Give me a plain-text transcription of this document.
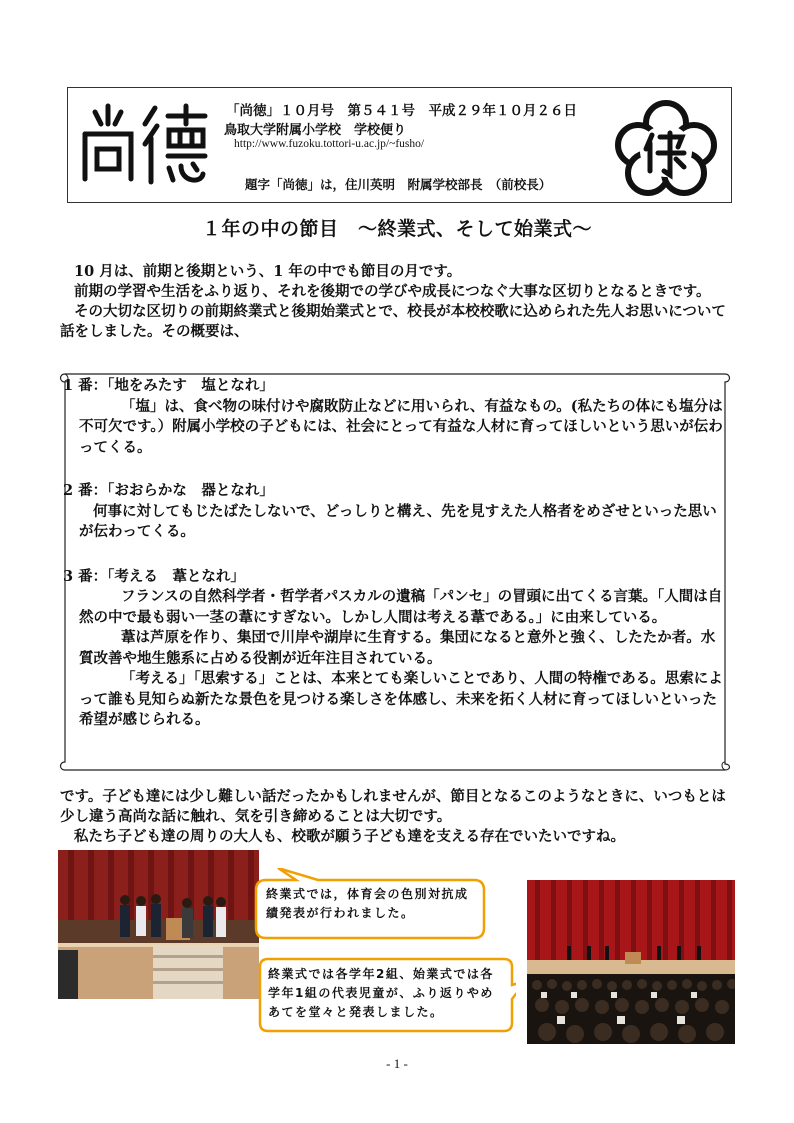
「尚徳」１０月号　第５４１号　平成２９年１０月２６日
鳥取大学附属小学校　学校便り
http://www.fuzoku.tottori-u.ac.jp/~fusho/
題字「尚徳」は，住川英明　附属学校部長　（前校長）
１年の中の節目　～終業式、そして始業式～

10 月は、前期と後期という、1 年の中でも節目の月です。

前期の学習や生活をふり返り、それを後期での学びや成長につなぐ大事な区切りとなるときです。

その大切な区切りの前期終業式と後期始業式とで、校長が本校校歌に込められた先人お思いについて話をしました。その概要は、

1 番：「地をみたす　塩となれ」

「塩」は、食べ物の味付けや腐敗防止などに用いられ、有益なもの。(私たちの体にも塩分は不可欠です。）附属小学校の子どもには、社会にとって有益な人材に育ってほしいという思いが伝わってくる。

2 番：「おおらかな　器となれ」

何事に対してもじたばたしないで、どっしりと構え、先を見すえた人格者をめざせといった思いが伝わってくる。

3 番：「考える　葦となれ」

フランスの自然科学者・哲学者パスカルの遺稿「パンセ」の冒頭に出てくる言葉。「人間は自然の中で最も弱い一茎の葦にすぎない。しかし人間は考える葦である。」に由来している。

葦は芦原を作り、集団で川岸や湖岸に生育する。集団になると意外と強く、したたか者。水質改善や地生態系に占める役割が近年注目されている。

「考える」「思索する」ことは、本来とても楽しいことであり、人間の特権である。思索によって誰も見知らぬ新たな景色を見つける楽しさを体感し、未来を拓く人材に育ってほしいといった希望が感じられる。

です。子ども達には少し難しい話だったかもしれませんが、節目となるこのようなときに、いつもとは少し違う高尚な話に触れ、気を引き締めることは大切です。

私たち子ども達の周りの大人も、校歌が願う子ども達を支える存在でいたいですね。

終業式では，体育会の色別対抗成績発表が行われました。
終業式では各学年2組、始業式では各学年1組の代表児童が、ふり返りやめあてを堂々と発表しました。
- 1 -
